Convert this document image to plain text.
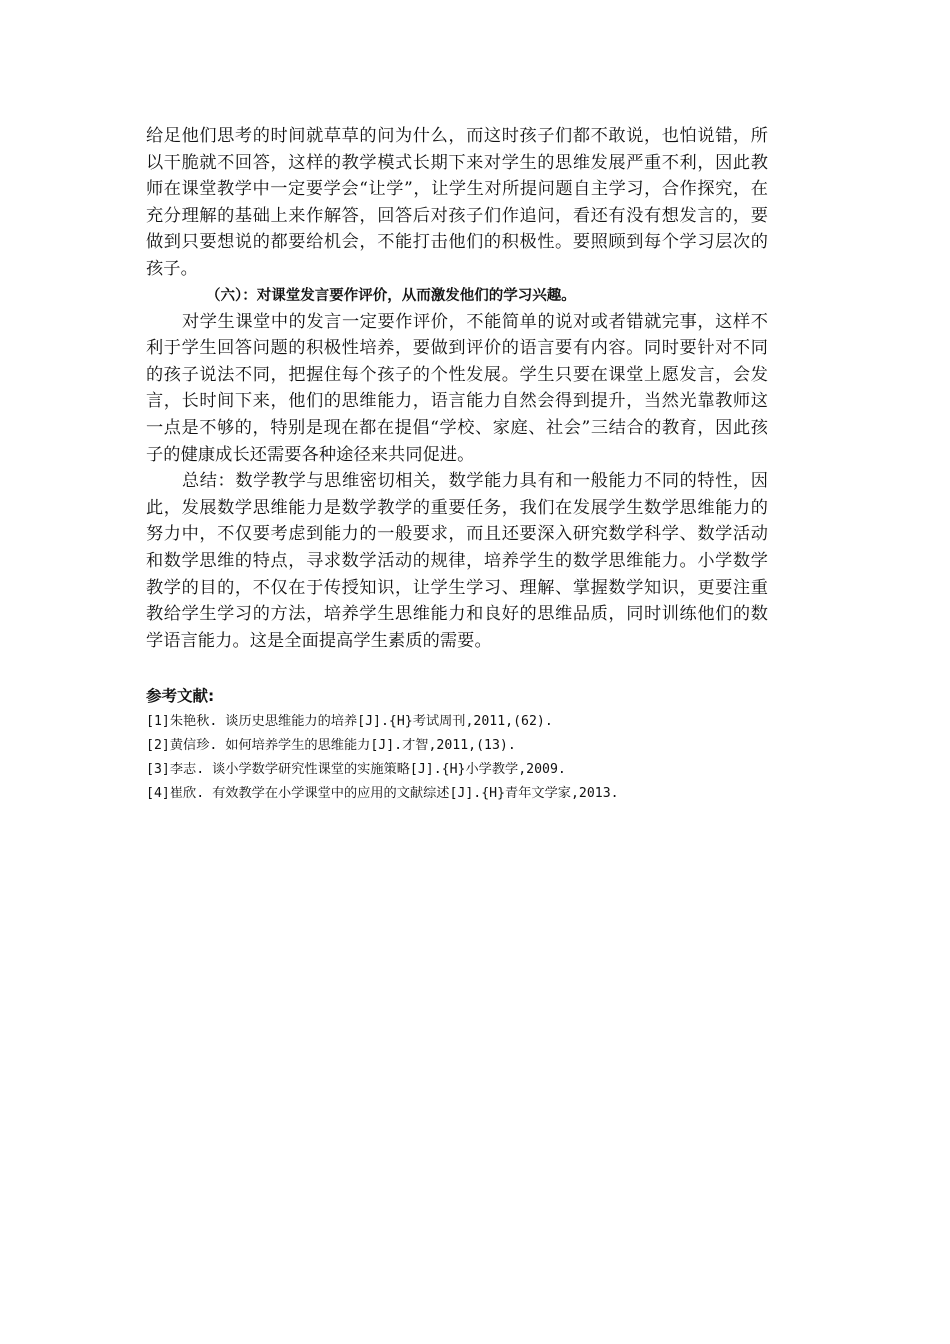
给足他们思考的时间就草草的问为什么，而这时孩子们都不敢说，也怕说错，所以干脆就不回答，这样的教学模式长期下来对学生的思维发展严重不利，因此教师在课堂教学中一定要学会“让学”，让学生对所提问题自主学习，合作探究，在充分理解的基础上来作解答，回答后对孩子们作追问，看还有没有想发言的，要做到只要想说的都要给机会，不能打击他们的积极性。要照顾到每个学习层次的孩子。

（六）：对课堂发言要作评价，从而激发他们的学习兴趣。

对学生课堂中的发言一定要作评价，不能简单的说对或者错就完事，这样不利于学生回答问题的积极性培养，要做到评价的语言要有内容。同时要针对不同的孩子说法不同，把握住每个孩子的个性发展。学生只要在课堂上愿发言，会发言，长时间下来，他们的思维能力，语言能力自然会得到提升，当然光靠教师这一点是不够的，特别是现在都在提倡“学校、家庭、社会”三结合的教育，因此孩子的健康成长还需要各种途径来共同促进。

总结：数学教学与思维密切相关，数学能力具有和一般能力不同的特性，因此，发展数学思维能力是数学教学的重要任务，我们在发展学生数学思维能力的努力中，不仅要考虑到能力的一般要求，而且还要深入研究数学科学、数学活动和数学思维的特点，寻求数学活动的规律，培养学生的数学思维能力。小学数学教学的目的，不仅在于传授知识，让学生学习、理解、掌握数学知识，更要注重教给学生学习的方法，培养学生思维能力和良好的思维品质，同时训练他们的数学语言能力。这是全面提高学生素质的需要。

参考文献:

[1]朱艳秋. 谈历史思维能力的培养[J].{H}考试周刊,2011,(62).

[2]黄信珍. 如何培养学生的思维能力[J].才智,2011,(13).

[3]李志. 谈小学数学研究性课堂的实施策略[J].{H}小学教学,2009.

[4]崔欣. 有效教学在小学课堂中的应用的文献综述[J].{H}青年文学家,2013.
